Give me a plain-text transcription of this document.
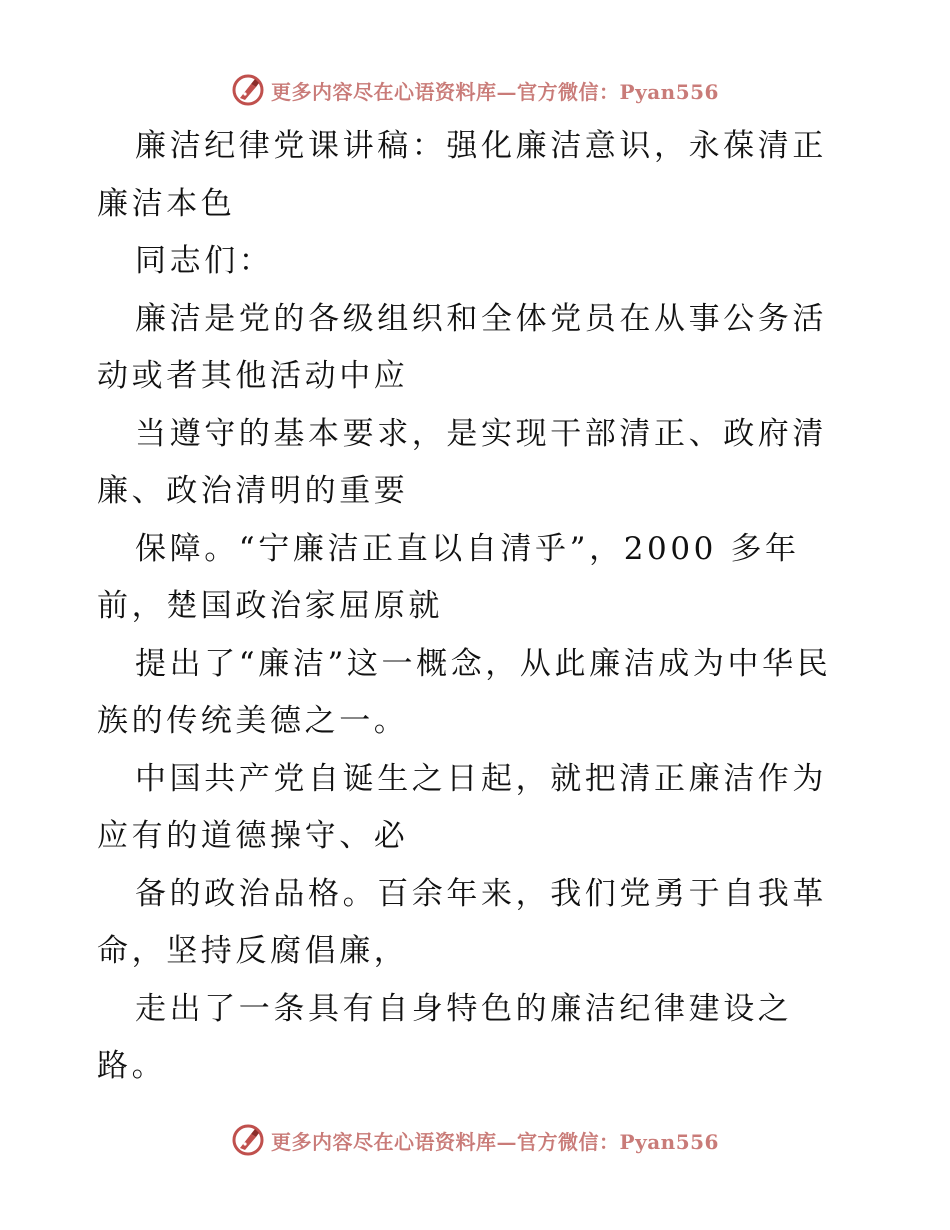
更多内容尽在心语资料库—官方微信：Pyan556

廉洁纪律党课讲稿：强化廉洁意识，永葆清正廉洁本色

同志们：

廉洁是党的各级组织和全体党员在从事公务活动或者其他活动中应

当遵守的基本要求，是实现干部清正、政府清廉、政治清明的重要

保障。“宁廉洁正直以自清乎”，2000 多年前，楚国政治家屈原就

提出了“廉洁”这一概念，从此廉洁成为中华民族的传统美德之一。

中国共产党自诞生之日起，就把清正廉洁作为应有的道德操守、必

备的政治品格。百余年来，我们党勇于自我革命，坚持反腐倡廉，

走出了一条具有自身特色的廉洁纪律建设之路。

更多内容尽在心语资料库—官方微信：Pyan556
